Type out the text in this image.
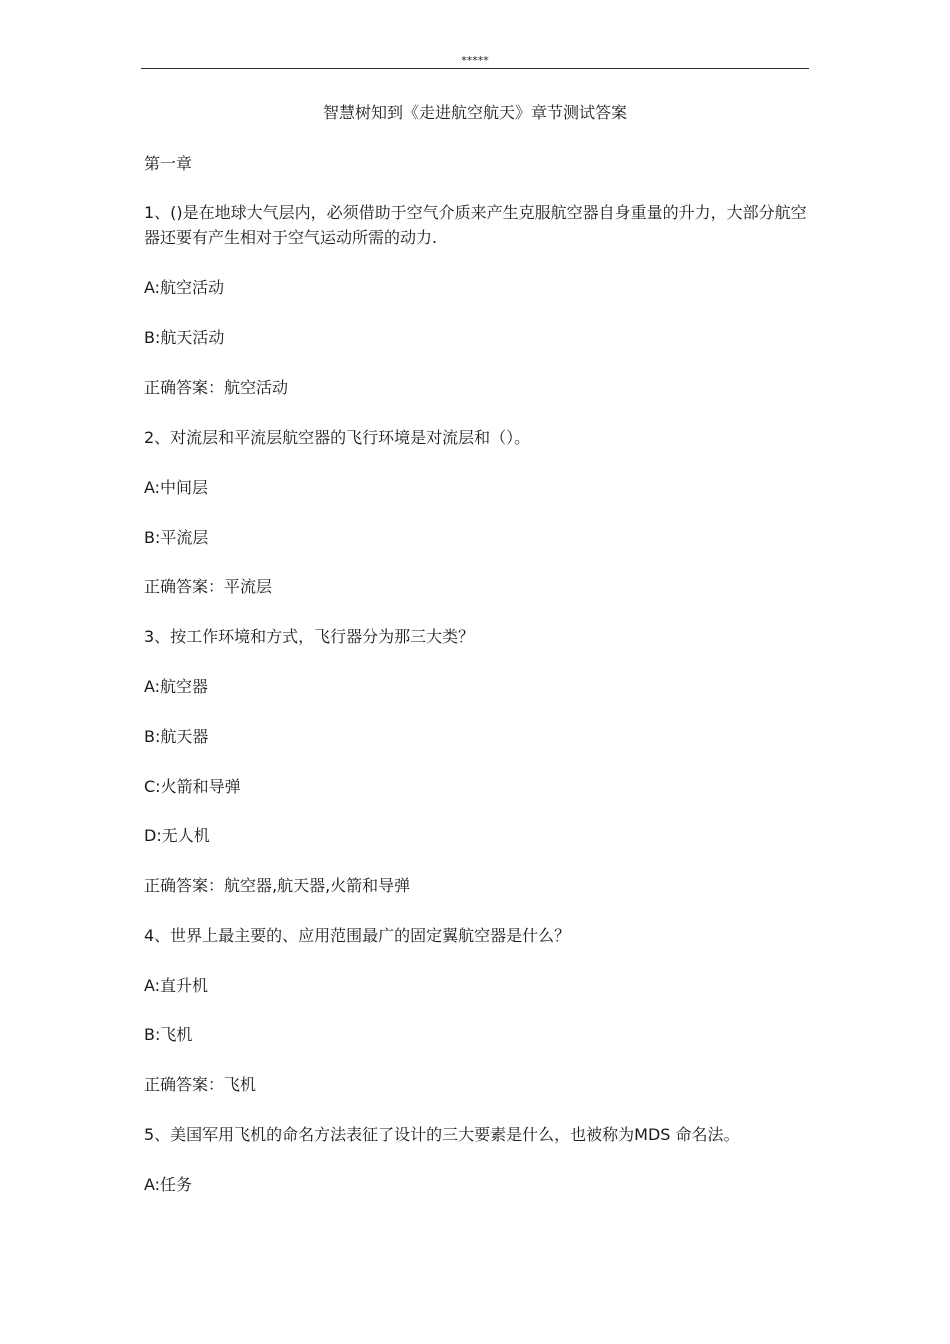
*****
智慧树知到《走进航空航天》章节测试答案
第一章
1、()是在地球大气层内，必须借助于空气介质来产生克服航空器自身重量的升力，大部分航空器还要有产生相对于空气运动所需的动力.
A:航空活动
B:航天活动
正确答案：航空活动
2、对流层和平流层航空器的飞行环境是对流层和（）。
A:中间层
B:平流层
正确答案：平流层
3、按工作环境和方式，飞行器分为那三大类？
A:航空器
B:航天器
C:火箭和导弹
D:无人机
正确答案：航空器,航天器,火箭和导弹
4、世界上最主要的、应用范围最广的固定翼航空器是什么？
A:直升机
B:飞机
正确答案：飞机
5、美国军用飞机的命名方法表征了设计的三大要素是什么，也被称为MDS 命名法。
A:任务
